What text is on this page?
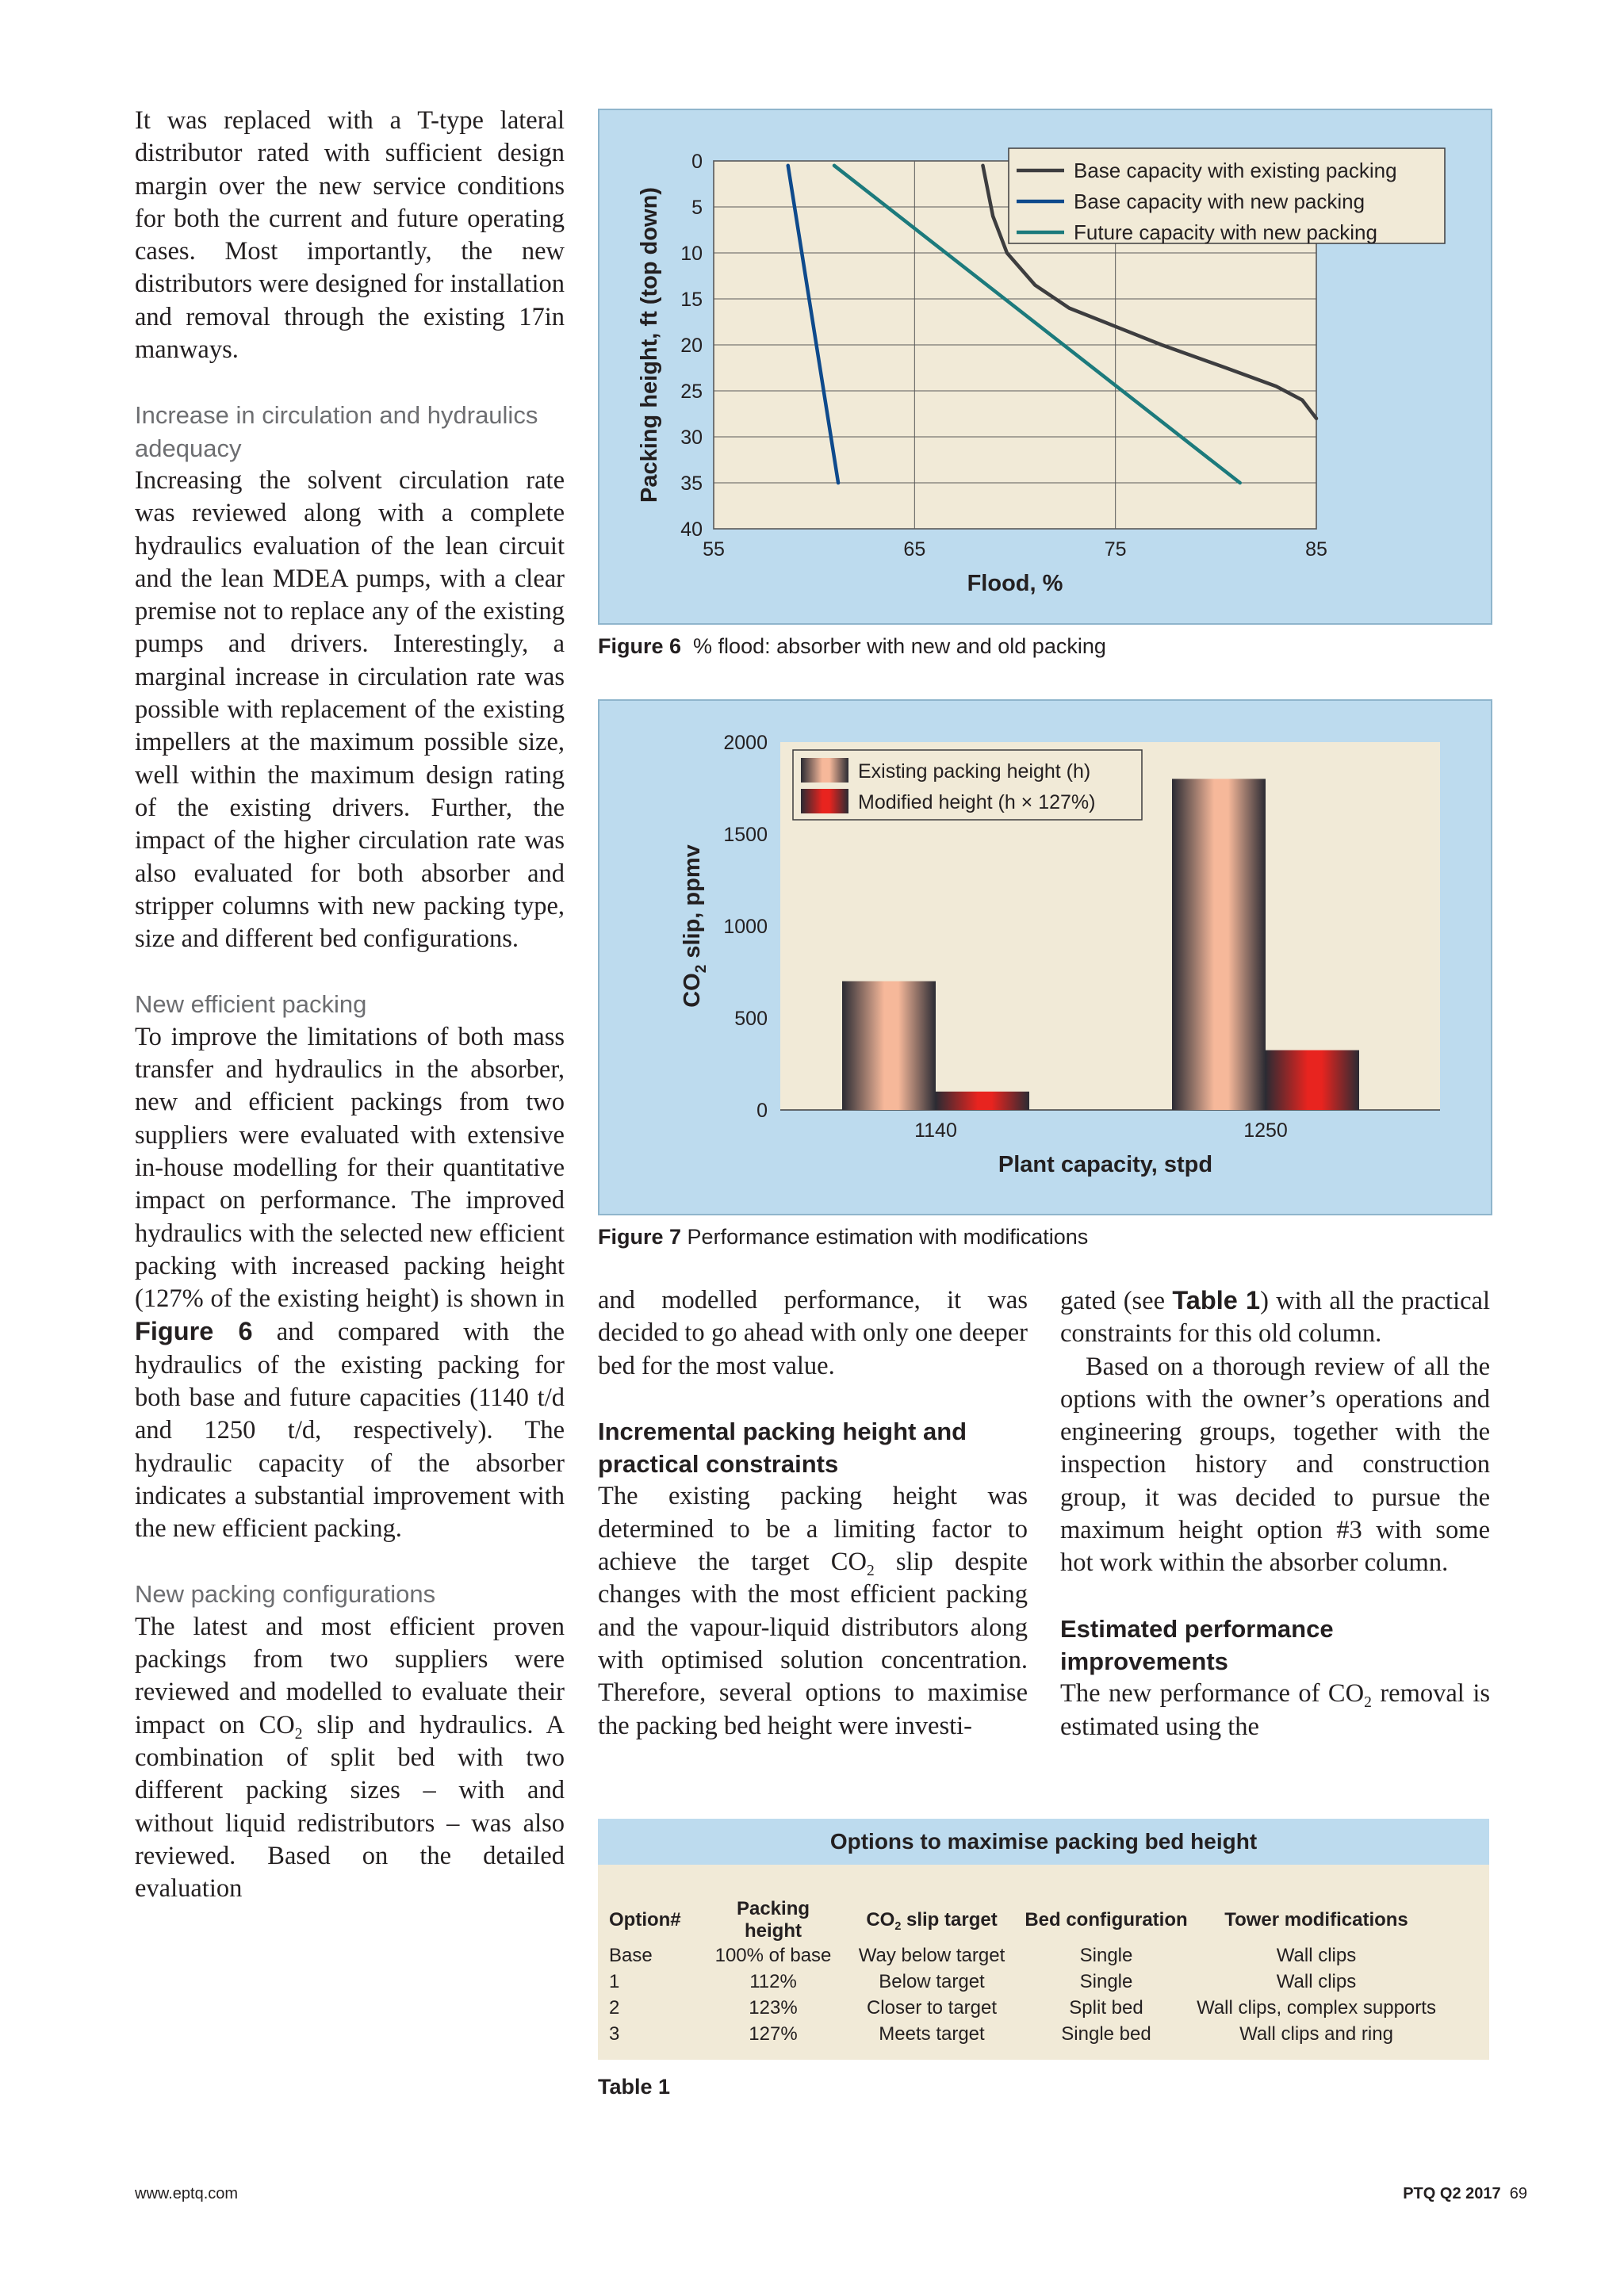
It was replaced with a T-type lateral distributor rated with sufficient design margin over the new service conditions for both the current and future operating cases. Most importantly, the new distributors were designed for installation and removal through the existing 17in manways.

Increase in circulation and hydraulics adequacy

Increasing the solvent circulation rate was reviewed along with a complete hydraulics evaluation of the lean circuit and the lean MDEA pumps, with a clear premise not to replace any of the existing pumps and drivers. Interestingly, a marginal increase in circulation rate was possible with replacement of the existing impellers at the maximum possible size, well within the maximum design rating of the existing drivers. Further, the impact of the higher circulation rate was also evaluated for both absorber and stripper columns with new packing type, size and different bed configurations.

New efficient packing

To improve the limitations of both mass transfer and hydraulics in the absorber, new and efficient packings from two suppliers were evaluated with extensive in-house modelling for their quantitative impact on performance. The improved hydraulics with the selected new efficient packing with increased packing height (127% of the existing height) is shown in Figure 6 and compared with the hydraulics of the existing packing for both base and future capacities (1140 t/d and 1250 t/d, respectively). The hydraulic capacity of the absorber indicates a substantial improvement with the new efficient packing.

New packing configurations

The latest and most efficient proven packings from two suppliers were reviewed and modelled to evaluate their impact on $CO_2$ slip and hydraulics. A combination of split bed with two different packing sizes – with and without liquid redistributors – was also reviewed. Based on the detailed evaluation

55	65	75	85
0
5
10
15
20
25
30
35
40
Flood, %
Packing height, ft (top down)
Base capacity with existing packing
Base capacity with new packing
Future capacity with new packing
Figure 6 % flood: absorber with new and old packing
0
500
1000
1500
2000
1140	1250
Plant capacity, stpd
$CO_2$ slip, ppmv
Existing packing height (h)
Modified height (h × 127%)
Figure 7 Performance estimation with modifications

and modelled performance, it was decided to go ahead with only one deeper bed for the most value.

Incremental packing height and practical constraints

The existing packing height was determined to be a limiting factor to achieve the target $CO_2$ slip despite changes with the most efficient packing and the vapour-liquid distributors along with optimised solution concentration. Therefore, several options to maximise the packing bed height were investi-

gated (see Table 1) with all the practical constraints for this old column.

Based on a thorough review of all the options with the owner’s operations and engineering groups, together with the inspection history and construction group, it was decided to pursue the maximum height option #3 with some hot work within the absorber column.

Estimated performance improvements

The new performance of $CO_2$ removal is estimated using the

Options to maximise packing bed height
Option#	Packing height	$CO_2$ slip target	Bed configuration	Tower modifications
Base	100% of base	Way below target	Single	Wall clips
1	112%	Below target	Single	Wall clips
2	123%	Closer to target	Split bed	Wall clips, complex supports
3	127%	Meets target	Single bed	Wall clips and ring
Table 1
www.eptq.com	PTQ Q2 2017 69
